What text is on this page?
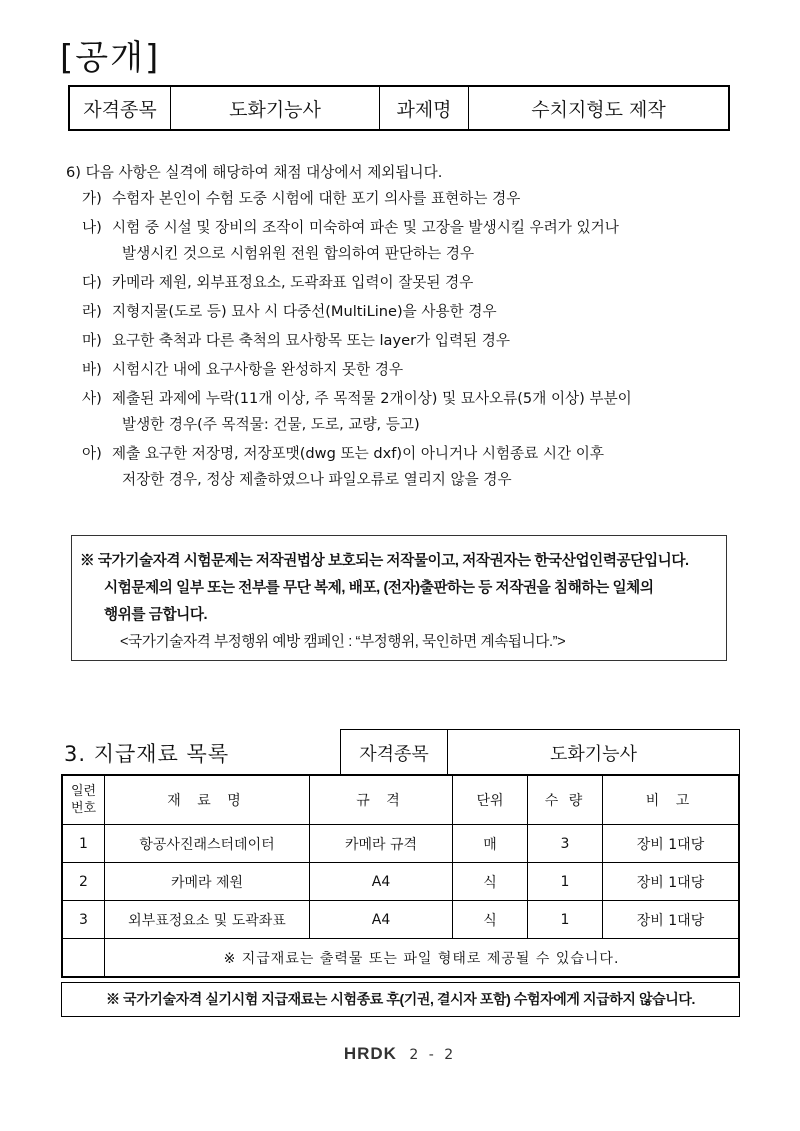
[공개]
자격종목	도화기능사	과제명	수치지형도 제작
6) 다음 사항은 실격에 해당하여 채점 대상에서 제외됩니다.
가) 수험자 본인이 수험 도중 시험에 대한 포기 의사를 표현하는 경우
나) 시험 중 시설 및 장비의 조작이 미숙하여 파손 및 고장을 발생시킬 우려가 있거나
발생시킨 것으로 시험위원 전원 합의하여 판단하는 경우
다) 카메라 제원, 외부표정요소, 도곽좌표 입력이 잘못된 경우
라) 지형지물(도로 등) 묘사 시 다중선(MultiLine)을 사용한 경우
마) 요구한 축척과 다른 축척의 묘사항목 또는 layer가 입력된 경우
바) 시험시간 내에 요구사항을 완성하지 못한 경우
사) 제출된 과제에 누락(11개 이상, 주 목적물 2개이상) 및 묘사오류(5개 이상) 부분이
발생한 경우(주 목적물: 건물, 도로, 교량, 등고)
아) 제출 요구한 저장명, 저장포맷(dwg 또는 dxf)이 아니거나 시험종료 시간 이후
저장한 경우, 정상 제출하였으나 파일오류로 열리지 않을 경우
※ 국가기술자격 시험문제는 저작권법상 보호되는 저작물이고, 저작권자는 한국산업인력공단입니다.
시험문제의 일부 또는 전부를 무단 복제, 배포, (전자)출판하는 등 저작권을 침해하는 일체의
행위를 금합니다.
<국가기술자격 부정행위 예방 캠페인 : “부정행위, 묵인하면 계속됩니다.”>
3. 지급재료 목록	자격종목	도화기능사
일련
번호	재 료 명	규 격	단위	수 량	비 고
1	항공사진래스터데이터	카메라 규격	매	3	장비 1대당
2	카메라 제원	A4	식	1	장비 1대당
3	외부표정요소 및 도곽좌표	A4	식	1	장비 1대당
	※ 지급재료는 출력물 또는 파일 형태로 제공될 수 있습니다.				
※ 국가기술자격 실기시험 지급재료는 시험종료 후(기권, 결시자 포함) 수험자에게 지급하지 않습니다.
HRDK 2 - 2
